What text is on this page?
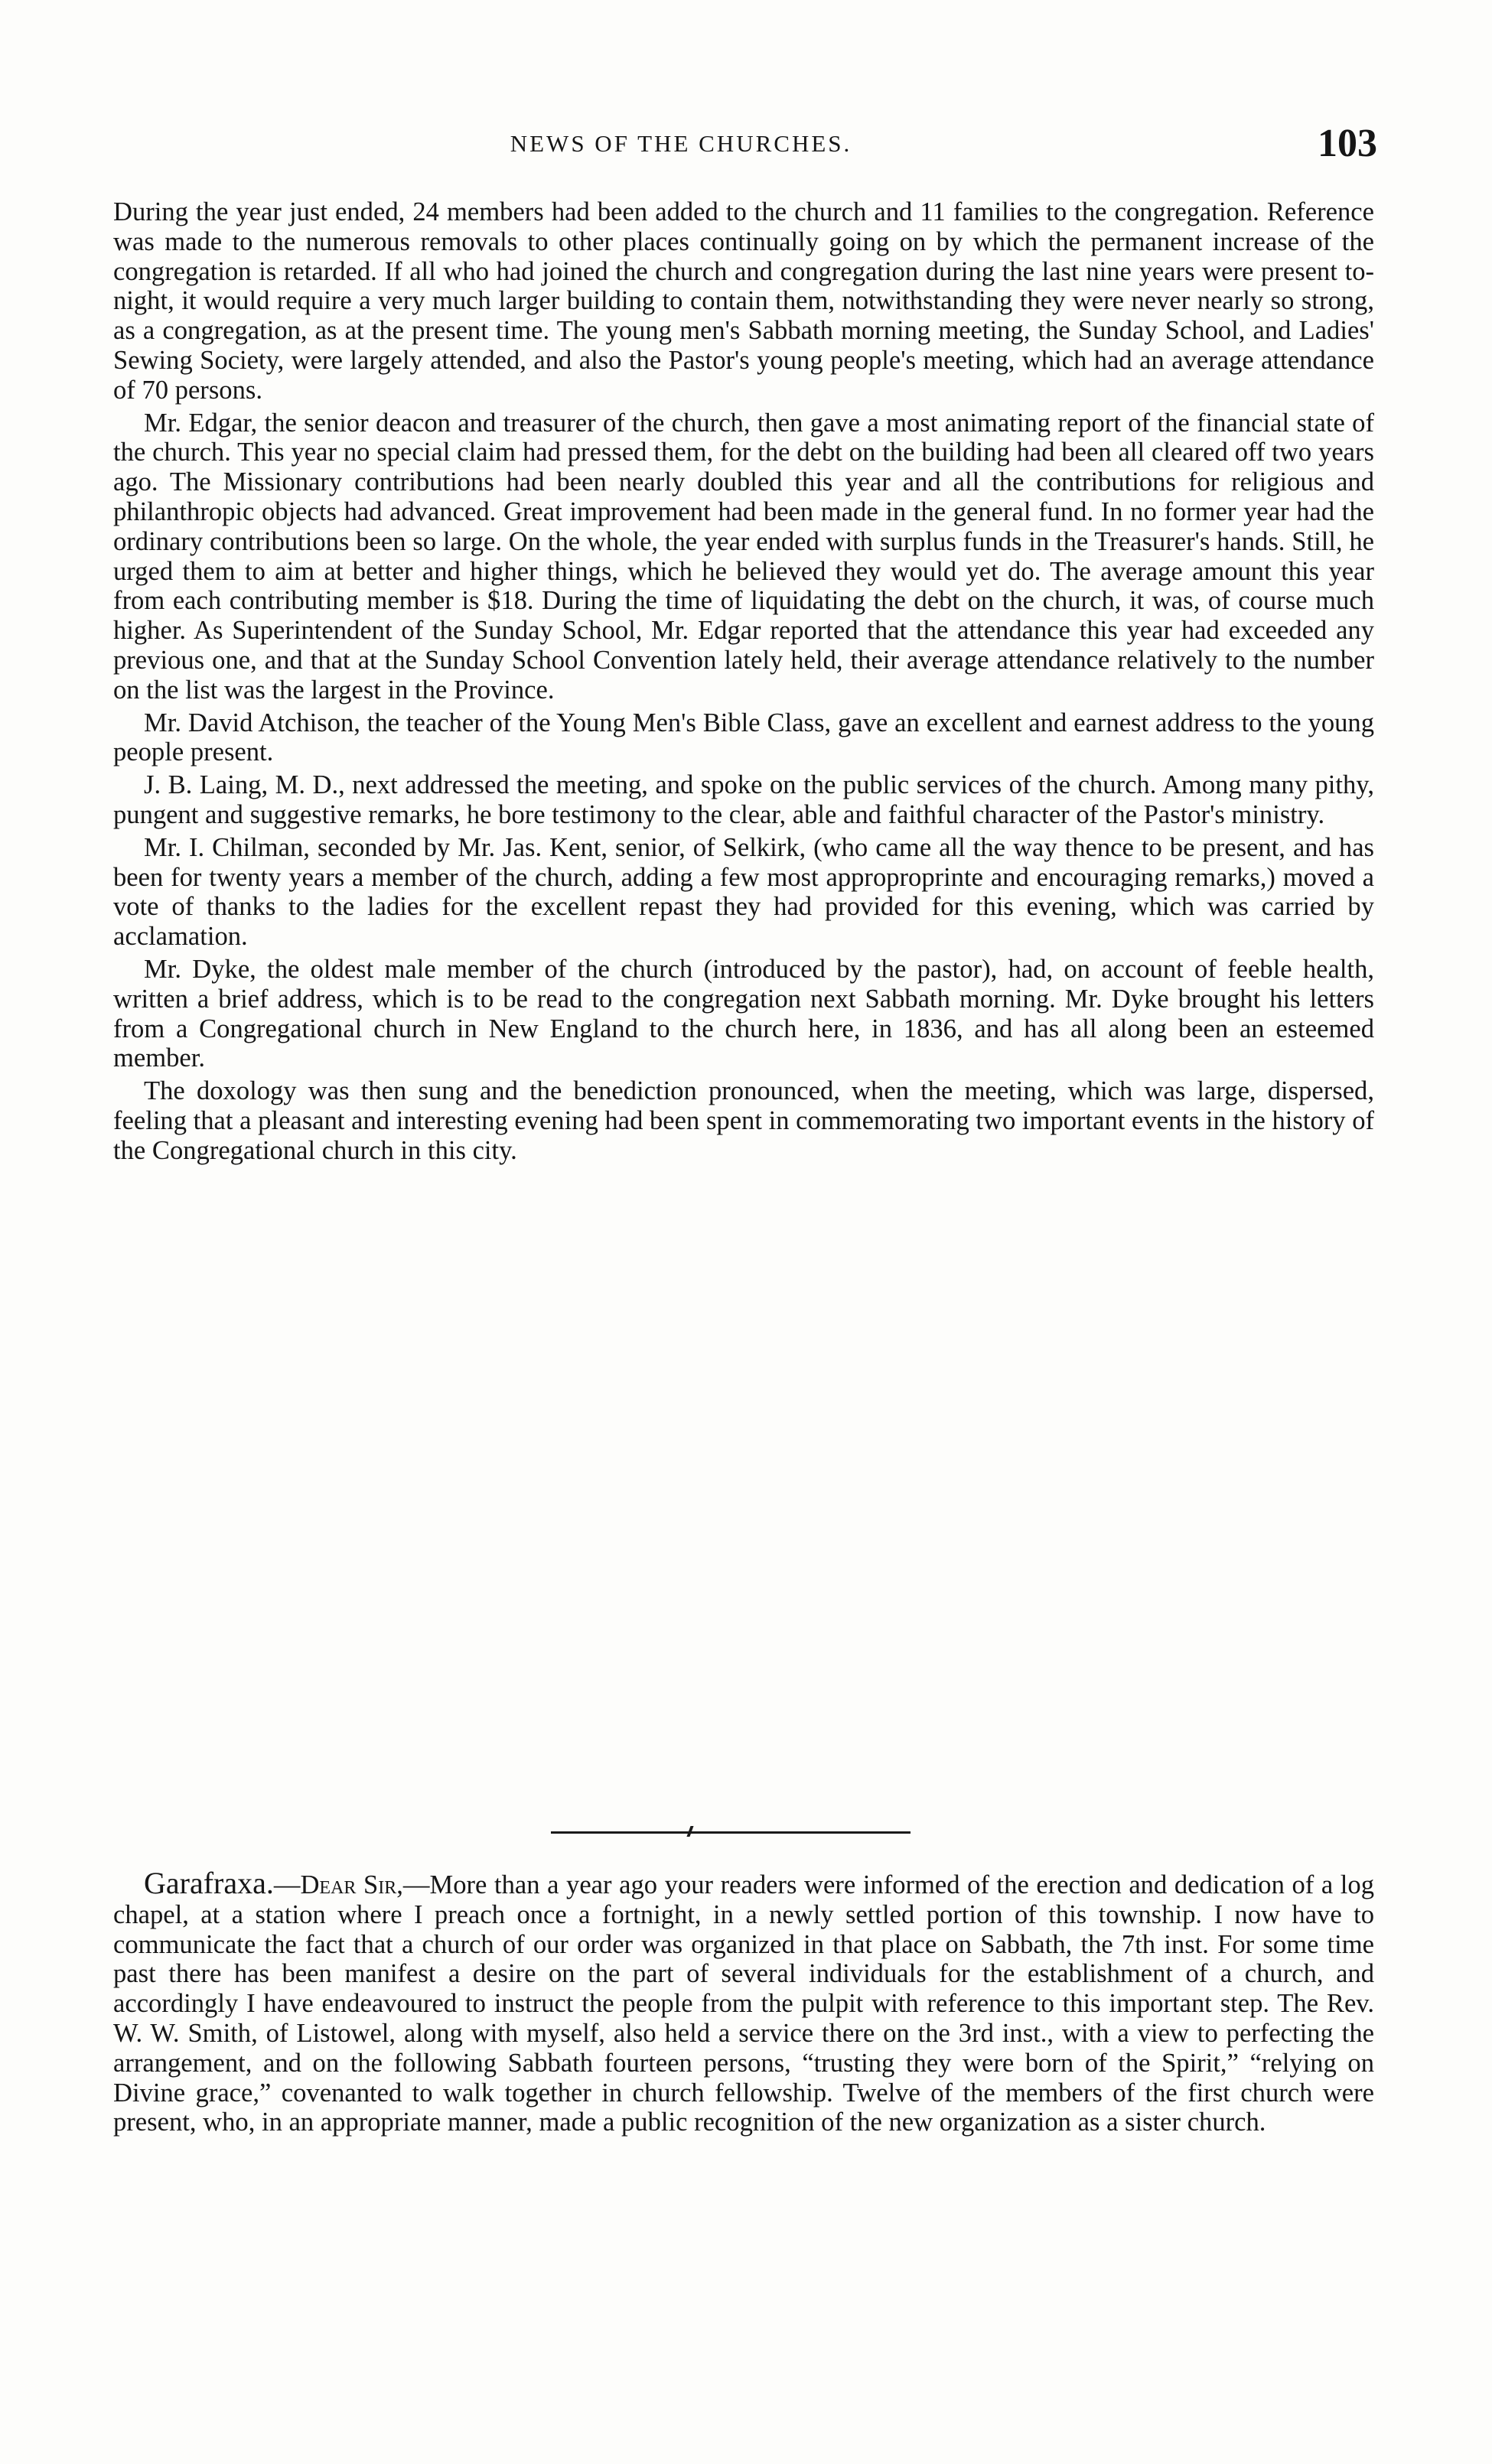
NEWS OF THE CHURCHES.	103

During the year just ended, 24 members had been added to the church and 11 families to the congregation. Reference was made to the numerous removals to other places continually going on by which the permanent increase of the congregation is retarded. If all who had joined the church and congregation during the last nine years were present to-night, it would require a very much larger building to contain them, notwithstanding they were never nearly so strong, as a congregation, as at the present time. The young men's Sabbath morning meeting, the Sunday School, and Ladies' Sewing Society, were largely attended, and also the Pastor's young people's meeting, which had an average attendance of 70 persons.

Mr. Edgar, the senior deacon and treasurer of the church, then gave a most animating report of the financial state of the church. This year no special claim had pressed them, for the debt on the building had been all cleared off two years ago. The Missionary contributions had been nearly doubled this year and all the contributions for religious and philanthropic objects had advanced. Great improvement had been made in the general fund. In no former year had the ordinary contributions been so large. On the whole, the year ended with surplus funds in the Treasurer's hands. Still, he urged them to aim at better and higher things, which he believed they would yet do. The average amount this year from each contributing member is $18. During the time of liquidating the debt on the church, it was, of course much higher. As Superintendent of the Sunday School, Mr. Edgar reported that the attendance this year had exceeded any previous one, and that at the Sunday School Convention lately held, their average attendance relatively to the number on the list was the largest in the Province.

Mr. David Atchison, the teacher of the Young Men's Bible Class, gave an excellent and earnest address to the young people present.

J. B. Laing, M. D., next addressed the meeting, and spoke on the public services of the church. Among many pithy, pungent and suggestive remarks, he bore testimony to the clear, able and faithful character of the Pastor's ministry.

Mr. I. Chilman, seconded by Mr. Jas. Kent, senior, of Selkirk, (who came all the way thence to be present, and has been for twenty years a member of the church, adding a few most approproprinte and encouraging remarks,) moved a vote of thanks to the ladies for the excellent repast they had provided for this evening, which was carried by acclamation.

Mr. Dyke, the oldest male member of the church (introduced by the pastor), had, on account of feeble health, written a brief address, which is to be read to the congregation next Sabbath morning. Mr. Dyke brought his letters from a Congregational church in New England to the church here, in 1836, and has all along been an esteemed member.

The doxology was then sung and the benediction pronounced, when the meeting, which was large, dispersed, feeling that a pleasant and interesting evening had been spent in commemorating two important events in the history of the Congregational church in this city.

Garafraxa.—Dear Sir,—More than a year ago your readers were informed of the erection and dedication of a log chapel, at a station where I preach once a fortnight, in a newly settled portion of this township. I now have to communicate the fact that a church of our order was organized in that place on Sabbath, the 7th inst. For some time past there has been manifest a desire on the part of several individuals for the establishment of a church, and accordingly I have endeavoured to instruct the people from the pulpit with reference to this important step. The Rev. W. W. Smith, of Listowel, along with myself, also held a service there on the 3rd inst., with a view to perfecting the arrangement, and on the following Sabbath fourteen persons, “trusting they were born of the Spirit,” “relying on Divine grace,” covenanted to walk together in church fellowship. Twelve of the members of the first church were present, who, in an appropriate manner, made a public recognition of the new organization as a sister church.
